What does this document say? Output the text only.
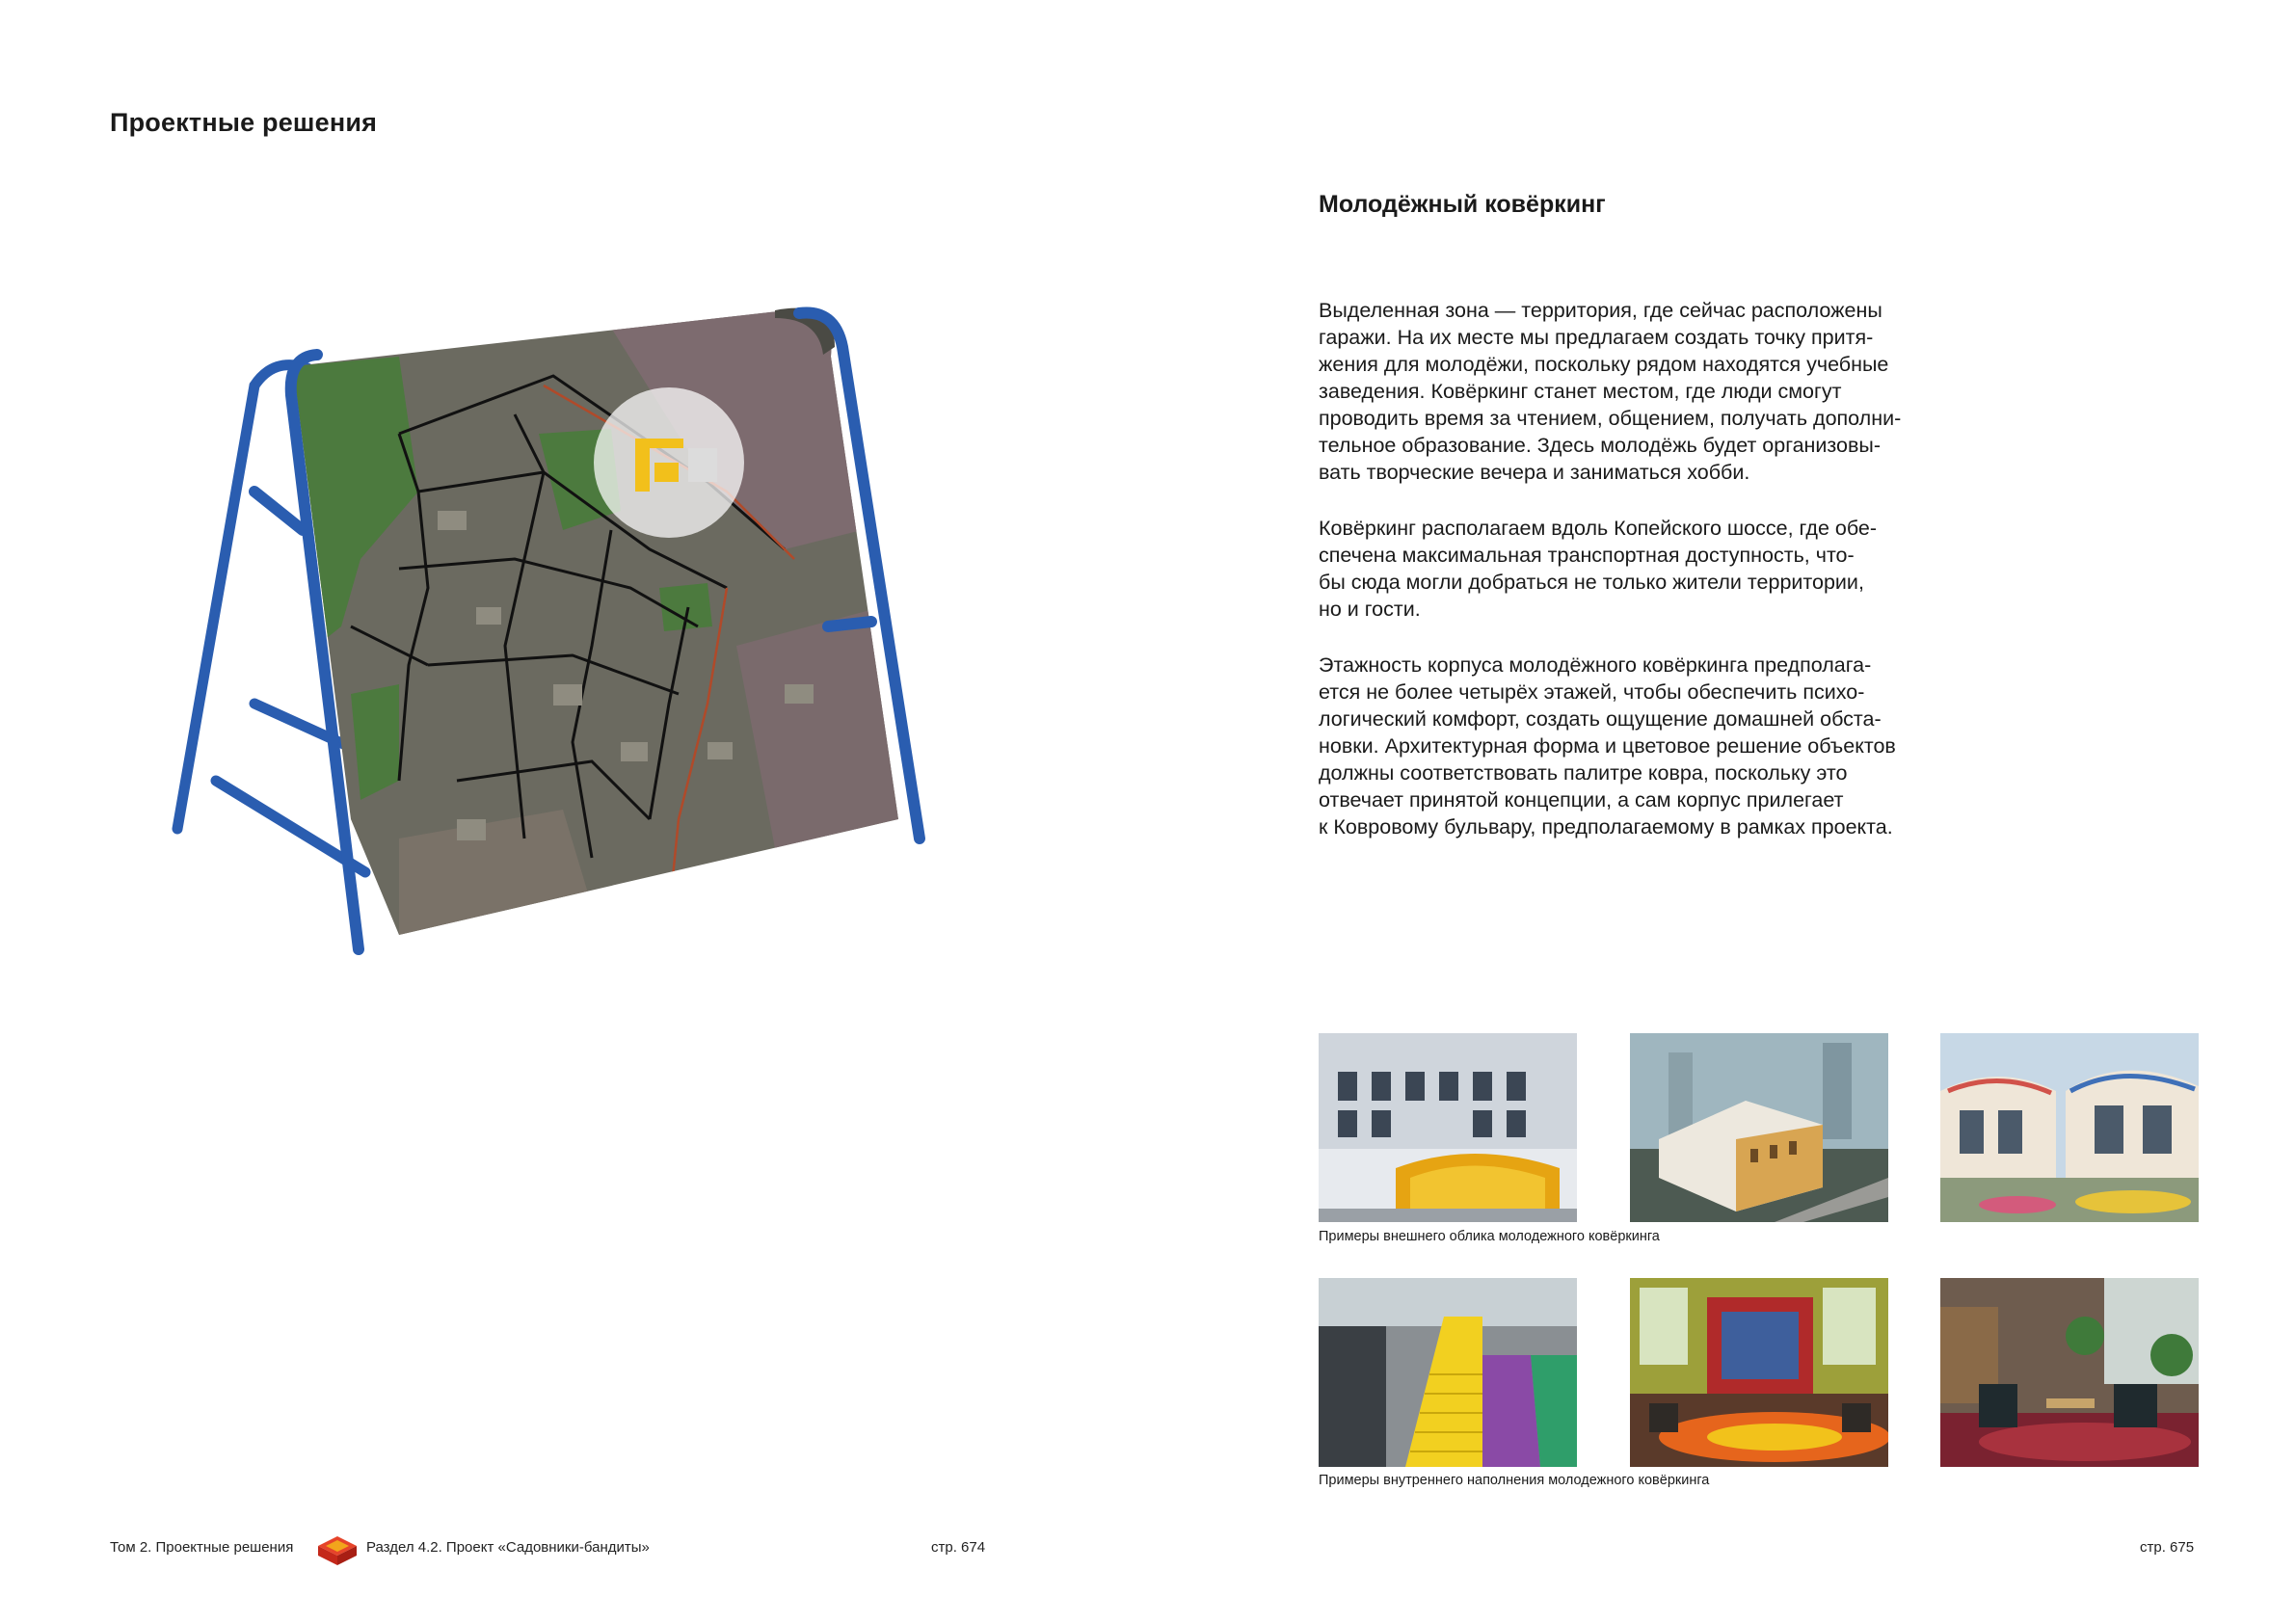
Проектные решения
Молодёжный ковёркинг

Выделенная зона — территория, где сейчас расположены
гаражи. На их месте мы предлагаем создать точку притя-
жения для молодёжи, поскольку рядом находятся учебные
заведения. Ковёркинг станет местом, где люди смогут
проводить время за чтением, общением, получать дополни-
тельное образование. Здесь молодёжь будет организовы-
вать творческие вечера и заниматься хобби.

Ковёркинг располагаем вдоль Копейского шоссе, где обе-
спечена максимальная транспортная доступность, что-
бы сюда могли добраться не только жители территории,
но и гости.

Этажность корпуса молодёжного ковёркинга предполага-
ется не более четырёх этажей, чтобы обеспечить психо-
логический комфорт, создать ощущение домашней обста-
новки. Архитектурная форма и цветовое решение объектов
должны соответствовать палитре ковра, поскольку это
отвечает принятой концепции, а сам корпус прилегает
к Ковровому бульвару, предполагаемому в рамках проекта.

Примеры внешнего облика молодежного ковёркинга
Примеры внутреннего наполнения молодежного ковёркинга
Том 2. Проектные решения	Раздел 4.2. Проект «Садовники-бандиты»	стр. 674	стр. 675
